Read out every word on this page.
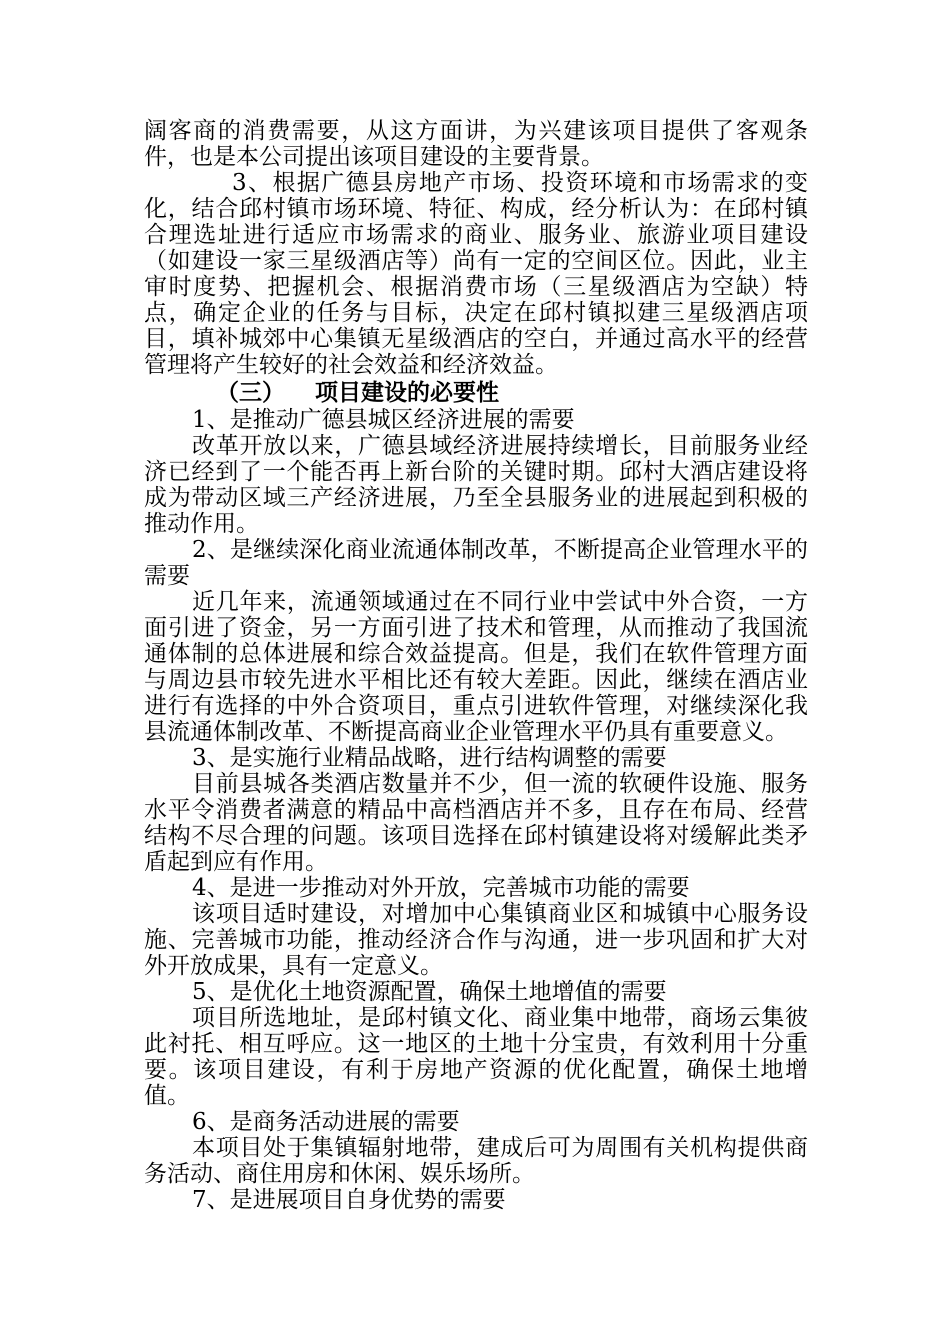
阔客商的消费需要，从这方面讲，为兴建该项目提供了客观条件，也是本公司提出该项目建设的主要背景。

3、根据广德县房地产市场、投资环境和市场需求的变化，结合邱村镇市场环境、特征、构成，经分析认为：在邱村镇合理选址进行适应市场需求的商业、服务业、旅游业项目建设（如建设一家三星级酒店等）尚有一定的空间区位。因此，业主审时度势、把握机会、根据消费市场（三星级酒店为空缺）特点，确定企业的任务与目标，决定在邱村镇拟建三星级酒店项目，填补城郊中心集镇无星级酒店的空白，并通过高水平的经营管理将产生较好的社会效益和经济效益。

（三） 项目建设的必要性

1、是推动广德县城区经济进展的需要

改革开放以来，广德县域经济进展持续增长，目前服务业经济已经到了一个能否再上新台阶的关键时期。邱村大酒店建设将成为带动区域三产经济进展，乃至全县服务业的进展起到积极的推动作用。

2、是继续深化商业流通体制改革，不断提高企业管理水平的需要

近几年来，流通领域通过在不同行业中尝试中外合资，一方面引进了资金，另一方面引进了技术和管理，从而推动了我国流通体制的总体进展和综合效益提高。但是，我们在软件管理方面与周边县市较先进水平相比还有较大差距。因此，继续在酒店业进行有选择的中外合资项目，重点引进软件管理，对继续深化我县流通体制改革、不断提高商业企业管理水平仍具有重要意义。

3、是实施行业精品战略，进行结构调整的需要

目前县城各类酒店数量并不少，但一流的软硬件设施、服务水平令消费者满意的精品中高档酒店并不多，且存在布局、经营结构不尽合理的问题。该项目选择在邱村镇建设将对缓解此类矛盾起到应有作用。

4、是进一步推动对外开放，完善城市功能的需要

该项目适时建设，对增加中心集镇商业区和城镇中心服务设施、完善城市功能，推动经济合作与沟通，进一步巩固和扩大对外开放成果，具有一定意义。

5、是优化土地资源配置，确保土地增值的需要

项目所选地址，是邱村镇文化、商业集中地带，商场云集彼此衬托、相互呼应。这一地区的土地十分宝贵，有效利用十分重要。该项目建设，有利于房地产资源的优化配置，确保土地增值。

6、是商务活动进展的需要

本项目处于集镇辐射地带，建成后可为周围有关机构提供商务活动、商住用房和休闲、娱乐场所。

7、是进展项目自身优势的需要
